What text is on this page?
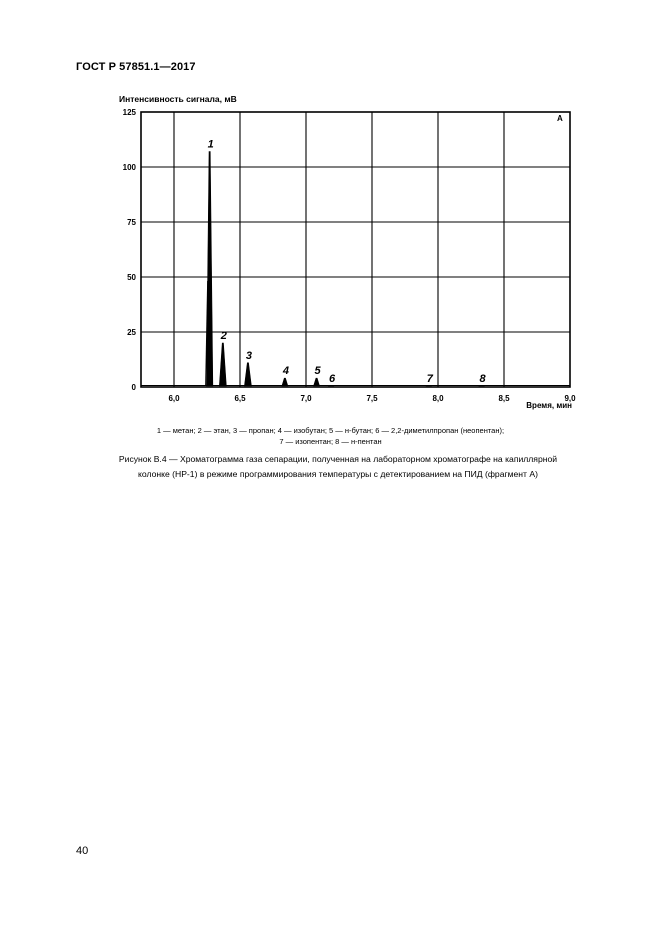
ГОСТ Р 57851.1—2017
Интенсивность сигнала, мВ
6,0	6,5	7,0	7,5	8,0	8,5	9,0
0
25
50
75
100
125
1
2
3
4 5
6	7	8
A
Время, мин
1 — метан; 2 — этан, 3 — пропан; 4 — изобутан; 5 — н-бутан; 6 — 2,2-диметилпропан (неопентан);
7 — изопентан; 8 — н-пентан
Рисунок В.4 — Хроматограмма газа сепарации, полученная на лабораторном хроматографе на капиллярной
колонке (НР-1) в режиме программирования температуры с детектированием на ПИД (фрагмент А)
40
